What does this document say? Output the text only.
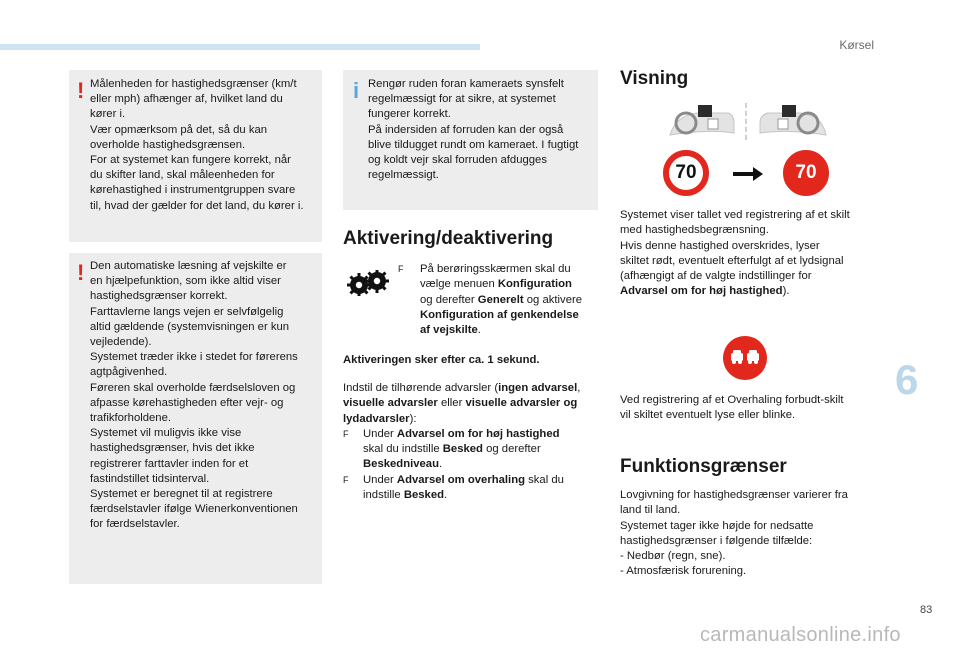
Kørsel
! Målenheden for hastighedsgrænser (km/t
eller mph) afhænger af, hvilket land du
kører i.
Vær opmærksom på det, så du kan
overholde hastighedsgrænsen.
For at systemet kan fungere korrekt, når
du skifter land, skal måleenheden for
kørehastighed i instrumentgruppen svare
til, hvad der gælder for det land, du kører i.

! Den automatiske læsning af vejskilte er
en hjælpefunktion, som ikke altid viser
hastighedsgrænser korrekt.
Farttavlerne langs vejen er selvfølgelig
altid gældende (systemvisningen er kun
vejledende).
Systemet træder ikke i stedet for førerens
agtpågivenhed.
Føreren skal overholde færdselsloven og
afpasse kørehastigheden efter vejr- og
trafikforholdene.
Systemet vil muligvis ikke vise
hastighedsgrænser, hvis det ikke
registrerer farttavler inden for et
fastindstillet tidsinterval.
Systemet er beregnet til at registrere
færdselstavler ifølge Wienerkonventionen
for færdselstavler.

i Rengør ruden foran kameraets synsfelt
regelmæssigt for at sikre, at systemet
fungerer korrekt.
På indersiden af forruden kan der også
blive tildugget rundt om kameraet. I fugtigt
og koldt vejr skal forruden afdugges
regelmæssigt.

Aktivering/deaktivering
F På berøringsskærmen skal du
vælge menuen Konfiguration
og derefter Generelt og aktivere
Konfiguration af genkendelse
af vejskilte.
Aktiveringen sker efter ca. 1 sekund.
Indstil de tilhørende advarsler (ingen advarsel,
visuelle advarsler eller visuelle advarsler og
lydadvarsler):
F Under Advarsel om for høj hastighed
skal du indstille Besked og derefter
Beskedniveau.
F Under Advarsel om overhaling skal du
indstille Besked.
Visning
70	70
Systemet viser tallet ved registrering af et skilt
med hastighedsbegrænsning.
Hvis denne hastighed overskrides, lyser
skiltet rødt, eventuelt efterfulgt af et lydsignal
(afhængigt af de valgte indstillinger for
Advarsel om for høj hastighed).
Ved registrering af et Overhaling forbudt-skilt
vil skiltet eventuelt lyse eller blinke.
Funktionsgrænser
Lovgivning for hastighedsgrænser varierer fra
land til land.
Systemet tager ikke højde for nedsatte
hastighedsgrænser i følgende tilfælde:
- Nedbør (regn, sne).
- Atmosfærisk forurening.
6
83
carmanualsonline.info
